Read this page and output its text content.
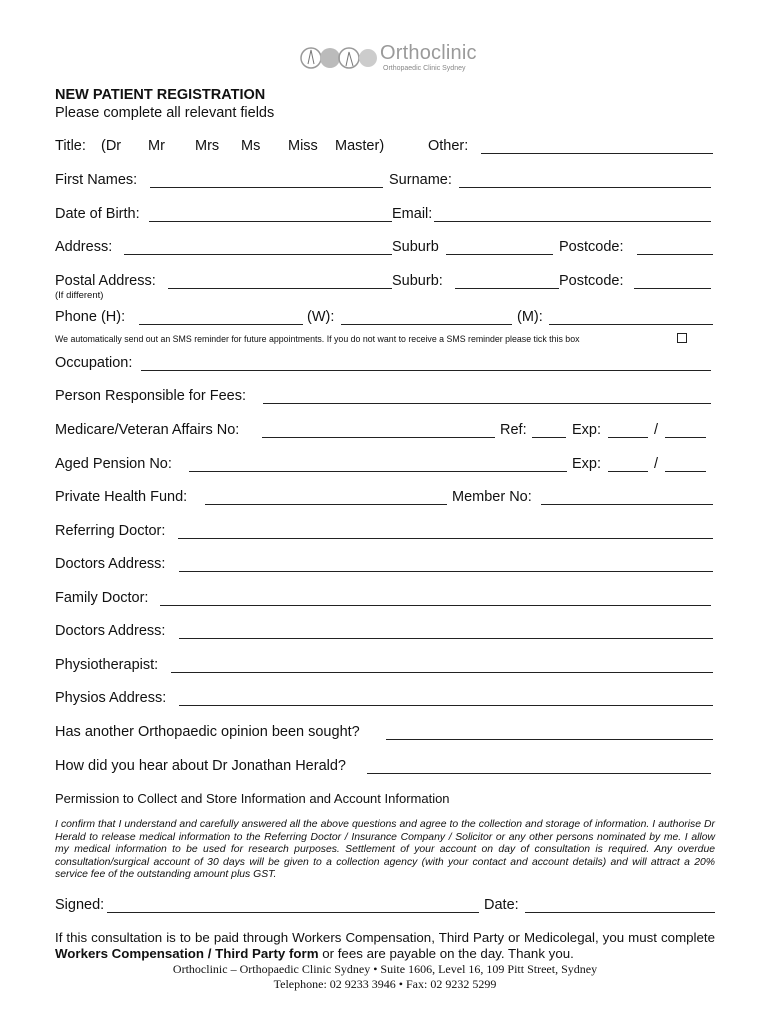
Orthoclinic
Orthopaedic Clinic Sydney
NEW PATIENT REGISTRATION
Please complete all relevant fields
Title: (Dr Mr Mrs Ms Miss Master)	Other:
First Names:	Surname:
Date of Birth:	Email:
Address:	Suburb	Postcode:
Postal Address:	Suburb:	Postcode:
(If different)
Phone (H):	(W):	(M):
We automatically send out an SMS reminder for future appointments. If you do not want to receive a SMS reminder please tick this box
Occupation:
Person Responsible for Fees:
Medicare/Veteran Affairs No:	Ref:	Exp:	/
Aged Pension No:	Exp:	/
Private Health Fund:	Member No:
Referring Doctor:
Doctors Address:
Family Doctor:
Doctors Address:
Physiotherapist:
Physios Address:
Has another Orthopaedic opinion been sought?
How did you hear about Dr Jonathan Herald?
Permission to Collect and Store Information and Account Information
I confirm that I understand and carefully answered all the above questions and agree to the collection and storage of information. I authorise Dr Herald to release medical information to the Referring Doctor / Insurance Company / Solicitor or any other persons nominated by me. I allow my medical information to be used for research purposes. Settlement of your account on day of consultation is required. Any overdue consultation/surgical account of 30 days will be given to a collection agency (with your contact and account details) and will attract a 20% service fee of the outstanding amount plus GST.
Signed:	Date:
If this consultation is to be paid through Workers Compensation, Third Party or Medicolegal, you must complete Workers Compensation / Third Party form or fees are payable on the day. Thank you.
Orthoclinic – Orthopaedic Clinic Sydney • Suite 1606, Level 16, 109 Pitt Street, Sydney
Telephone: 02 9233 3946 • Fax: 02 9232 5299
